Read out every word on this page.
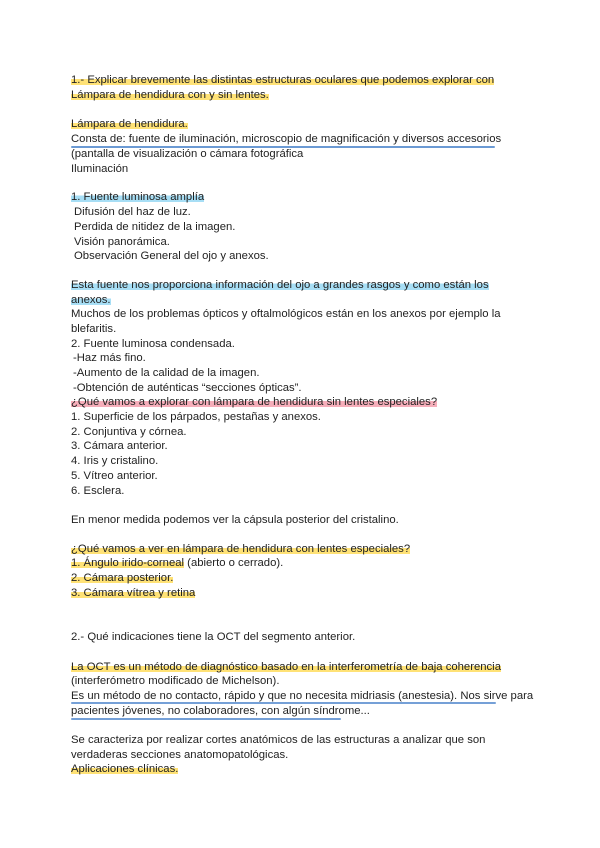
1.- Explicar brevemente las distintas estructuras oculares que podemos explorar con
Lámpara de hendidura con y sin lentes.
Lámpara de hendidura.
Consta de: fuente de iluminación, microscopio de magnificación y diversos accesorios
(pantalla de visualización o cámara fotográfica
Iluminación
1. Fuente luminosa amplía
Difusión del haz de luz.
Perdida de nitidez de la imagen.
Visión panorámica.
Observación General del ojo y anexos.
Esta fuente nos proporciona información del ojo a grandes rasgos y como están los
anexos.
Muchos de los problemas ópticos y oftalmológicos están en los anexos por ejemplo la
blefaritis.
2. Fuente luminosa condensada.
-Haz más fino.
-Aumento de la calidad de la imagen.
-Obtención de auténticas “secciones ópticas”.
¿Qué vamos a explorar con lámpara de hendidura sin lentes especiales?
1. Superficie de los párpados, pestañas y anexos.
2. Conjuntiva y córnea.
3. Cámara anterior.
4. Iris y cristalino.
5. Vítreo anterior.
6. Esclera.
En menor medida podemos ver la cápsula posterior del cristalino.
¿Qué vamos a ver en lámpara de hendidura con lentes especiales?
1. Ángulo irido-corneal (abierto o cerrado).
2. Cámara posterior.
3. Cámara vítrea y retina
2.- Qué indicaciones tiene la OCT del segmento anterior.
La OCT es un método de diagnóstico basado en la interferometría de baja coherencia
(interferómetro modificado de Michelson).
Es un método de no contacto, rápido y que no necesita midriasis (anestesia). Nos sirve para
pacientes jóvenes, no colaboradores, con algún síndrome...
Se caracteriza por realizar cortes anatómicos de las estructuras a analizar que son
verdaderas secciones anatomopatológicas.
Aplicaciones clínicas.
